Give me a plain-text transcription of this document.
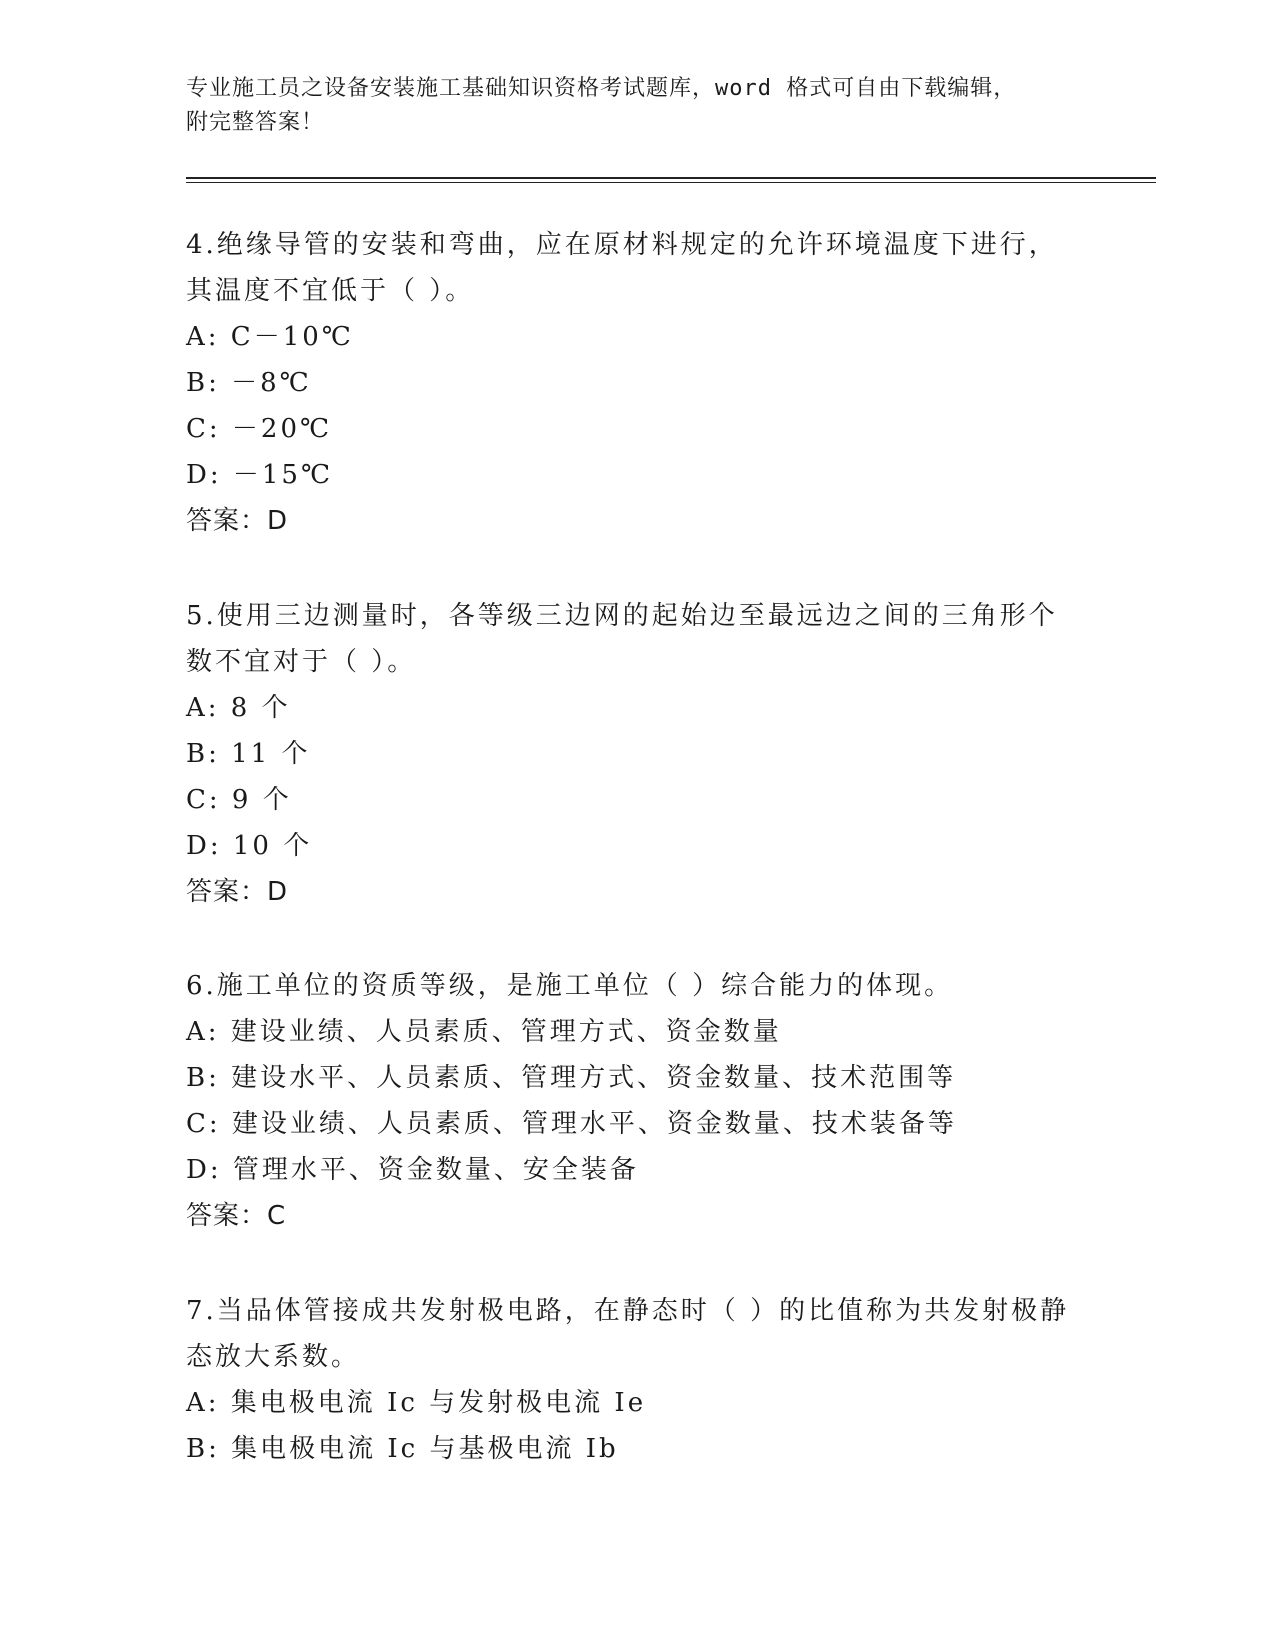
专业施工员之设备安装施工基础知识资格考试题库，word 格式可自由下载编辑，
附完整答案！
4.绝缘导管的安装和弯曲，应在原材料规定的允许环境温度下进行，
其温度不宜低于（ ）。
A: C－10℃
B: －8℃
C: －20℃
D: －15℃
答案：D
5.使用三边测量时，各等级三边网的起始边至最远边之间的三角形个
数不宜对于（ ）。
A: 8 个
B: 11 个
C: 9 个
D: 10 个
答案：D
6.施工单位的资质等级，是施工单位（ ）综合能力的体现。
A: 建设业绩、人员素质、管理方式、资金数量
B: 建设水平、人员素质、管理方式、资金数量、技术范围等
C: 建设业绩、人员素质、管理水平、资金数量、技术装备等
D: 管理水平、资金数量、安全装备
答案：C
7.当品体管接成共发射极电路，在静态时（ ）的比值称为共发射极静
态放大系数。
A: 集电极电流 Ic 与发射极电流 Ie
B: 集电极电流 Ic 与基极电流 Ib
